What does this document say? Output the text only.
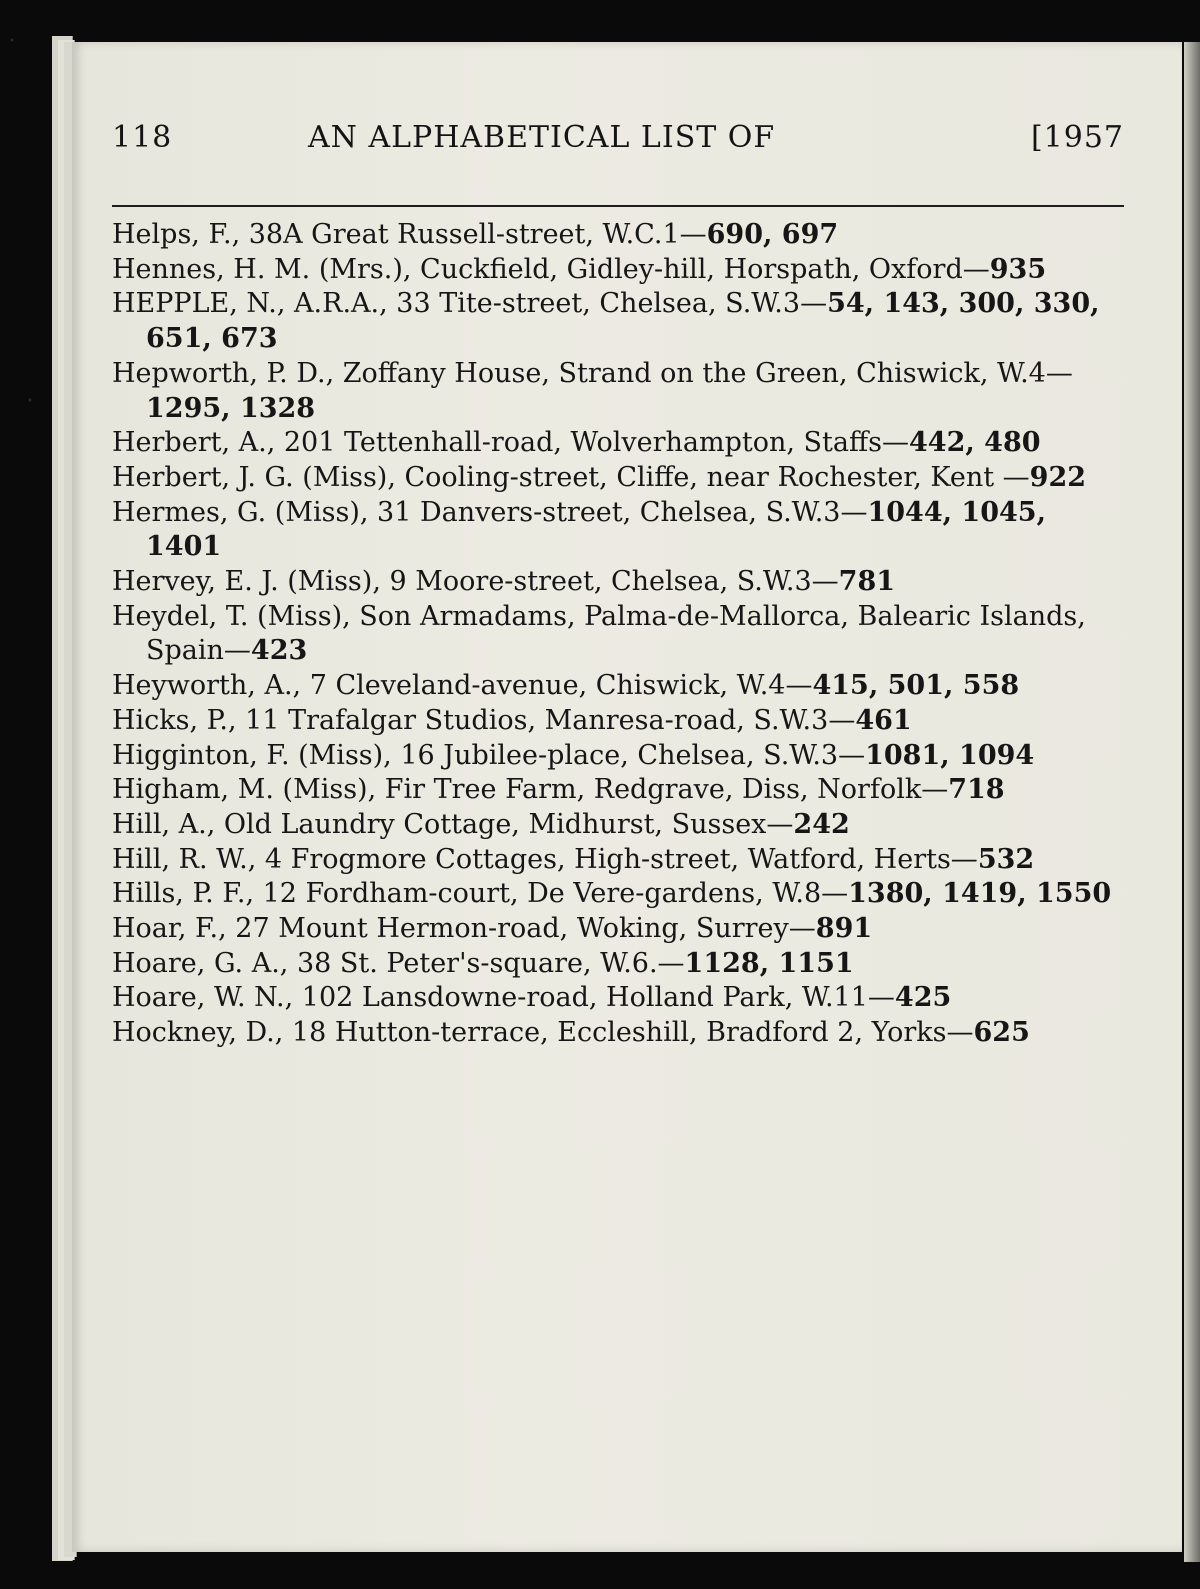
118	AN ALPHABETICAL LIST OF	[1957
Helps, F., 38A Great Russell-street, W.C.1—690, 697
Hennes, H. M. (Mrs.), Cuckfield, Gidley-hill, Horspath, Oxford—935
HEPPLE, N., A.R.A., 33 Tite-street, Chelsea, S.W.3—54, 143, 300, 330, 651, 673
Hepworth, P. D., Zoffany House, Strand on the Green, Chiswick, W.4—1295, 1328
Herbert, A., 201 Tettenhall-road, Wolverhampton, Staffs—442, 480
Herbert, J. G. (Miss), Cooling-street, Cliffe, near Rochester, Kent —922
Hermes, G. (Miss), 31 Danvers-street, Chelsea, S.W.3—1044, 1045, 1401
Hervey, E. J. (Miss), 9 Moore-street, Chelsea, S.W.3—781
Heydel, T. (Miss), Son Armadams, Palma-de-Mallorca, Balearic Islands, Spain—423
Heyworth, A., 7 Cleveland-avenue, Chiswick, W.4—415, 501, 558
Hicks, P., 11 Trafalgar Studios, Manresa-road, S.W.3—461
Higginton, F. (Miss), 16 Jubilee-place, Chelsea, S.W.3—1081, 1094
Higham, M. (Miss), Fir Tree Farm, Redgrave, Diss, Norfolk—718
Hill, A., Old Laundry Cottage, Midhurst, Sussex—242
Hill, R. W., 4 Frogmore Cottages, High-street, Watford, Herts—532
Hills, P. F., 12 Fordham-court, De Vere-gardens, W.8—1380, 1419, 1550
Hoar, F., 27 Mount Hermon-road, Woking, Surrey—891
Hoare, G. A., 38 St. Peter's-square, W.6.—1128, 1151
Hoare, W. N., 102 Lansdowne-road, Holland Park, W.11—425
Hockney, D., 18 Hutton-terrace, Eccleshill, Bradford 2, Yorks—625
